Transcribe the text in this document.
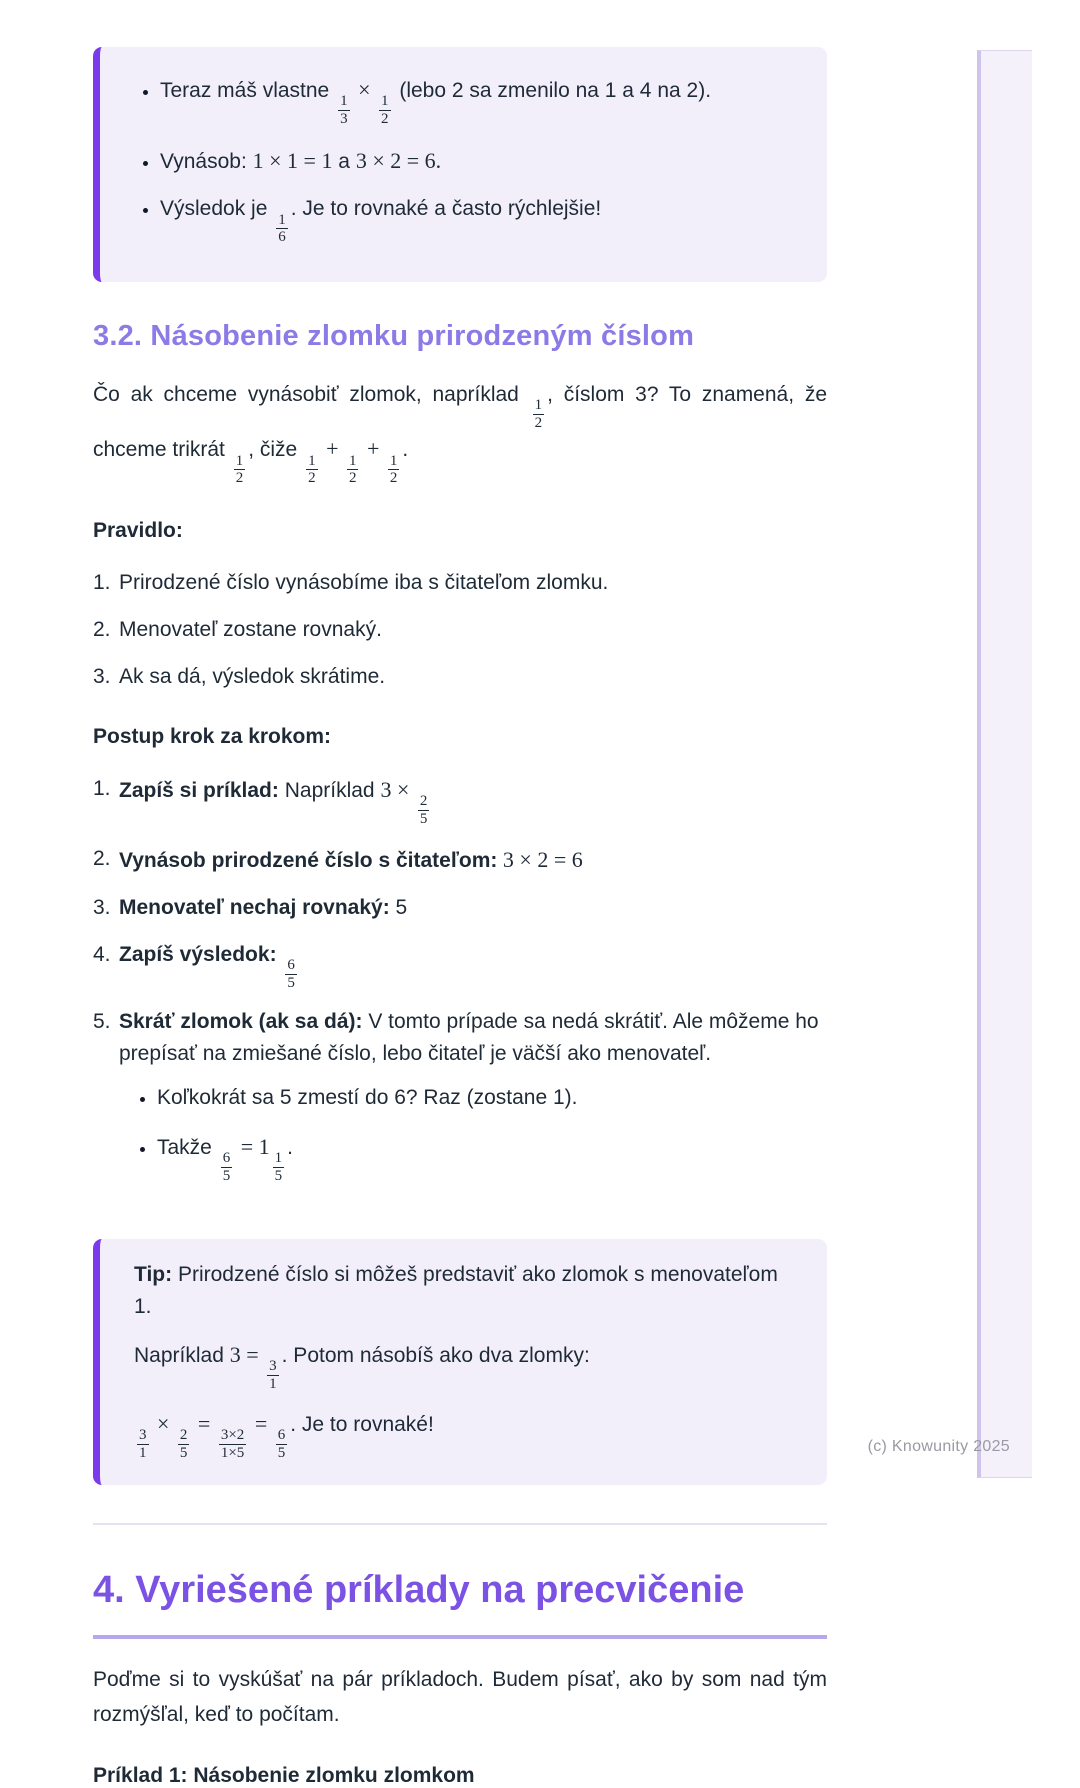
• Teraz máš vlastne
$\frac{1}{3}$
×
$\frac{1}{2}$
(lebo 2 sa zmenilo na 1 a 4 na 2).
• Vynásob: 1 × 1 = 1 a 3 × 2 = 6.
• Výsledok je
$\frac{1}{6}$
. Je to rovnaké a často rýchlejšie!
3.2. Násobenie zlomku prirodzeným číslom

Čo ak chceme vynásobiť zlomok, napríklad
$\frac{1}{2}$
, číslom 3? To znamená, že chceme trikrát
$\frac{1}{2}$
, čiže
$\frac{1}{2}$
+
$\frac{1}{2}$
+
$\frac{1}{2}$
.

Pravidlo:
1. Prirodzené číslo vynásobíme iba s čitateľom zlomku.
2. Menovateľ zostane rovnaký.
3. Ak sa dá, výsledok skrátime.
Postup krok za krokom:
1. Zapíš si príklad: Napríklad 3 ×
$\frac{2}{5}$
2. Vynásob prirodzené číslo s čitateľom: 3 × 2 = 6
3. Menovateľ nechaj rovnaký: 5
4. Zapíš výsledok:
$\frac{6}{5}$
5. Skráť zlomok (ak sa dá): V tomto prípade sa nedá skrátiť. Ale môžeme ho prepísať na zmiešané číslo, lebo čitateľ je väčší ako menovateľ.
• Koľkokrát sa 5 zmestí do 6? Raz (zostane 1).
• Takže
$\frac{6}{5}$
= 1
$\frac{1}{5}$
.
Tip: Prirodzené číslo si môžeš predstaviť ako zlomok s menovateľom 1.
Napríklad 3 =
$\frac{3}{1}$
. Potom násobíš ako dva zlomky:
$\frac{3}{1}$
×
$\frac{2}{5}$
=
$\frac{3\times 2}{1\times 5}$
=
$\frac{6}{5}$
. Je to rovnaké!
4. Vyriešené príklady na precvičenie

Poďme si to vyskúšať na pár príkladoch. Budem písať, ako by som nad tým rozmýšľal, keď to počítam.

Príklad 1: Násobenie zlomku zlomkom
(c) Knowunity 2025
